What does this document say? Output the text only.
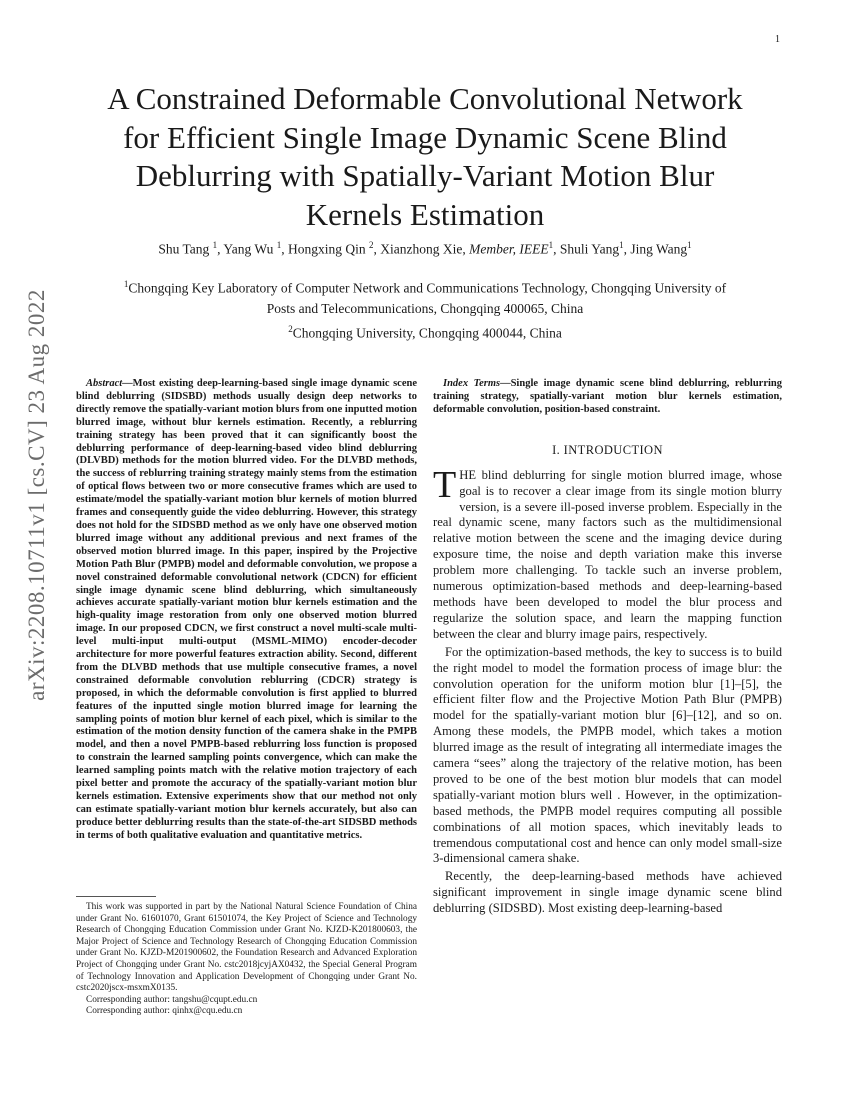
1
arXiv:2208.10711v1 [cs.CV] 23 Aug 2022
A Constrained Deformable Convolutional Network
for Efficient Single Image Dynamic Scene Blind
Deblurring with Spatially-Variant Motion Blur
Kernels Estimation
Shu Tang $^1$, Yang Wu $^1$, Hongxing Qin $^2$, Xianzhong Xie, Member, IEEE$^1$, Shuli Yang$^1$, Jing Wang$^1$
$^1$Chongqing Key Laboratory of Computer Network and Communications Technology, Chongqing University of
Posts and Telecommunications, Chongqing 400065, China
$^2$Chongqing University, Chongqing 400044, China

Abstract—Most existing deep-learning-based single image dynamic scene blind deblurring (SIDSBD) methods usually design deep networks to directly remove the spatially-variant motion blurs from one inputted motion blurred image, without blur kernels estimation. Recently, a reblurring training strategy has been proved that it can significantly boost the deblurring performance of deep-learning-based video blind deblurring (DLVBD) methods for the motion blurred video. For the DLVBD methods, the success of reblurring training strategy mainly stems from the estimation of optical flows between two or more consecutive frames which are used to estimate/model the spatially-variant motion blur kernels of motion blurred frames and consequently guide the video deblurring. However, this strategy does not hold for the SIDSBD method as we only have one observed motion blurred image without any additional previous and next frames of the observed motion blurred image. In this paper, inspired by the Projective Motion Path Blur (PMPB) model and deformable convolution, we propose a novel constrained deformable convolutional network (CDCN) for efficient single image dynamic scene blind deblurring, which simultaneously achieves accurate spatially-variant motion blur kernels estimation and the high-quality image restoration from only one observed motion blurred image. In our proposed CDCN, we first construct a novel multi-scale multi-level multi-input multi-output (MSML-MIMO) encoder-decoder architecture for more powerful features extraction ability. Second, different from the DLVBD methods that use multiple consecutive frames, a novel constrained deformable convolution reblurring (CDCR) strategy is proposed, in which the deformable convolution is first applied to blurred features of the inputted single motion blurred image for learning the sampling points of motion blur kernel of each pixel, which is similar to the estimation of the motion density function of the camera shake in the PMPB model, and then a novel PMPB-based reblurring loss function is proposed to constrain the learned sampling points convergence, which can make the learned sampling points match with the relative motion trajectory of each pixel better and promote the accuracy of the spatially-variant motion blur kernels estimation. Extensive experiments show that our method not only can estimate spatially-variant motion blur kernels accurately, but also can produce better deblurring results than the state-of-the-art SIDSBD methods in terms of both qualitative evaluation and quantitative metrics.

Index Terms—Single image dynamic scene blind deblurring, reblurring training strategy, spatially-variant motion blur kernels estimation, deformable convolution, position-based constraint.

I. INTRODUCTION

THE blind deblurring for single motion blurred image, whose goal is to recover a clear image from its single motion blurry version, is a severe ill-posed inverse problem. Especially in the real dynamic scene, many factors such as the multidimensional relative motion between the scene and the imaging device during exposure time, the noise and depth variation make this inverse problem more challenging. To tackle such an inverse problem, numerous optimization-based methods and deep-learning-based methods have been developed to model the blur process and regularize the solution space, and learn the mapping function between the clear and blurry image pairs, respectively.

For the optimization-based methods, the key to success is to build the right model to model the formation process of image blur: the convolution operation for the uniform motion blur [1]–[5], the efficient filter flow and the Projective Motion Path Blur (PMPB) model for the spatially-variant motion blur [6]–[12], and so on. Among these models, the PMPB model, which takes a motion blurred image as the result of integrating all intermediate images the camera “sees” along the trajectory of the relative motion, has been proved to be one of the best motion blur models that can model spatially-variant motion blurs well . However, in the optimization-based methods, the PMPB model requires computing all possible combinations of all motion spaces, which inevitably leads to tremendous computational cost and hence can only model small-size 3-dimensional camera shake.

Recently, the deep-learning-based methods have achieved significant improvement in single image dynamic scene blind deblurring (SIDSBD). Most existing deep-learning-based

This work was supported in part by the National Natural Science Foundation of China under Grant No. 61601070, Grant 61501074, the Key Project of Science and Technology Research of Chongqing Education Commission under Grant No. KJZD-K201800603, the Major Project of Science and Technology Research of Chongqing Education Commission under Grant No. KJZD-M201900602, the Foundation Research and Advanced Exploration Project of Chongqing under Grant No. cstc2018jcyjAX0432, the Special General Program of Technology Innovation and Application Development of Chongqing under Grant No. cstc2020jscx-msxmX0135.

Corresponding author: tangshu@cqupt.edu.cn

Corresponding author: qinhx@cqu.edu.cn
